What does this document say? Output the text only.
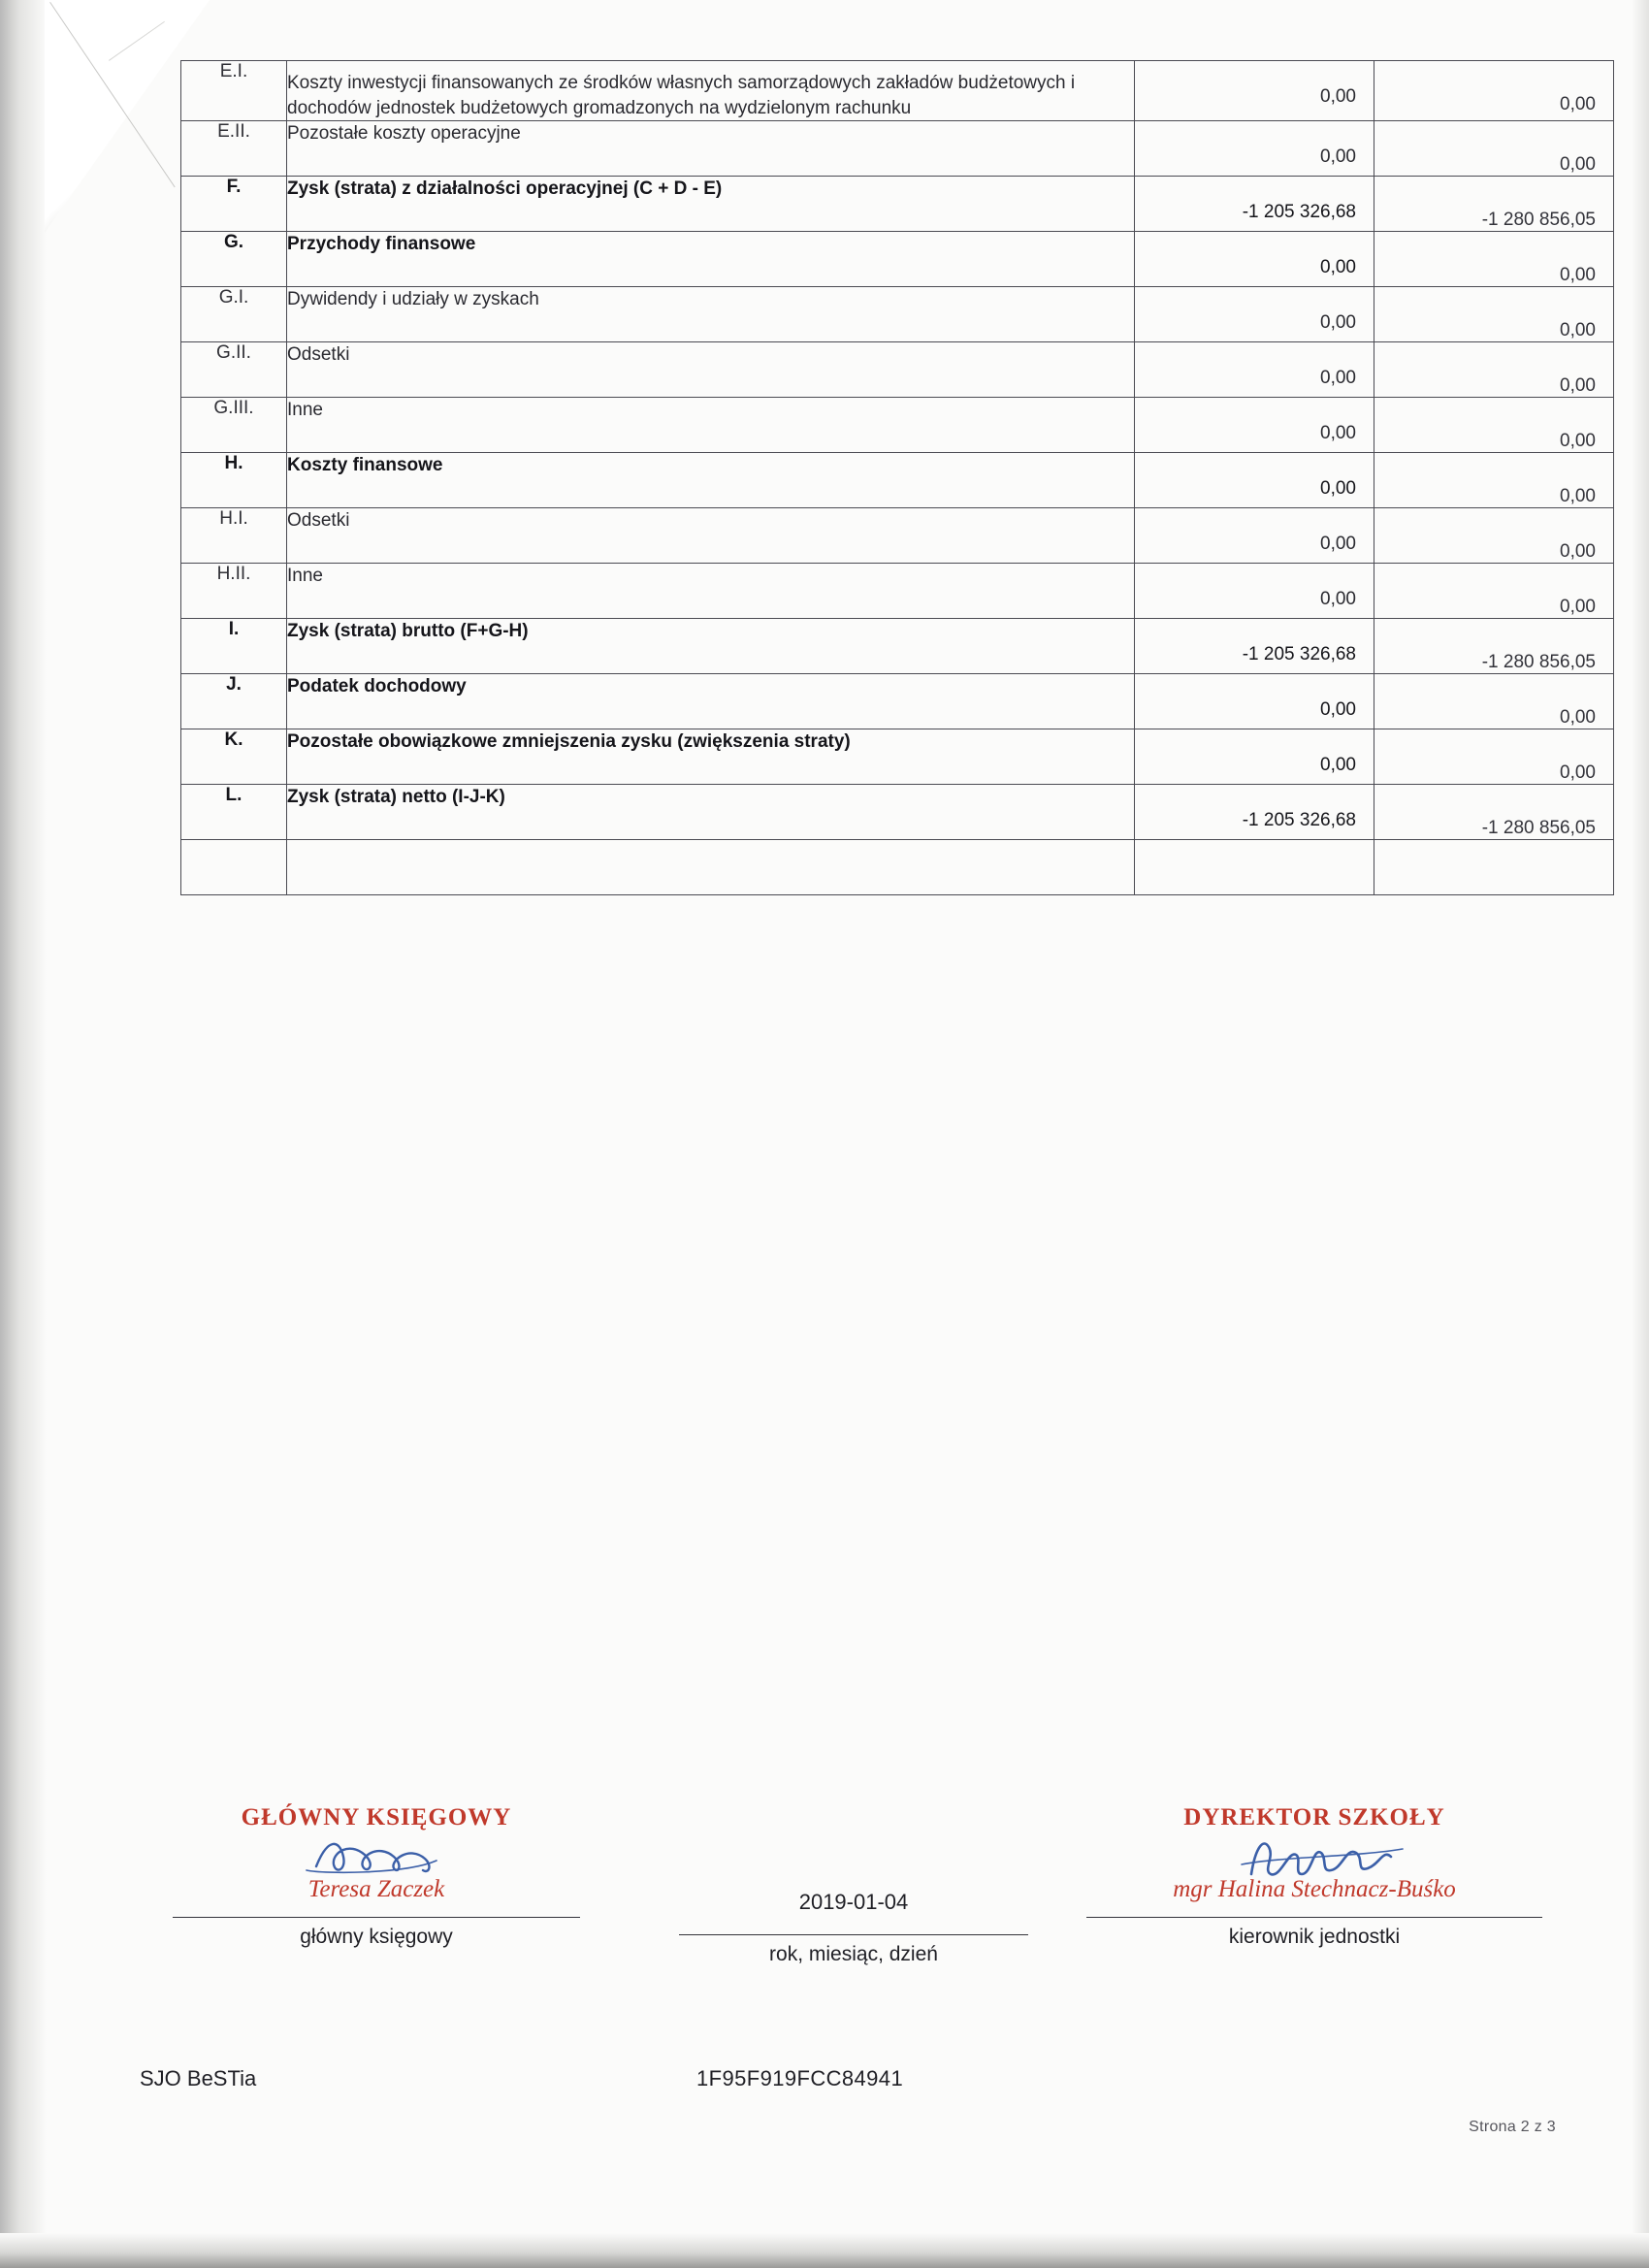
E.I.	Koszty inwestycji finansowanych ze środków własnych samorządowych zakładów budżetowych i dochodów jednostek budżetowych gromadzonych na wydzielonym rachunku	0,00	0,00

E.II.	Pozostałe koszty operacyjne	0,00	0,00

F.	Zysk (strata) z działalności operacyjnej (C + D - E)	-1 205 326,68	-1 280 856,05

G.	Przychody finansowe	0,00	0,00

G.I.	Dywidendy i udziały w zyskach	0,00	0,00

G.II.	Odsetki	0,00	0,00

G.III.	Inne	0,00	0,00

H.	Koszty finansowe	0,00	0,00

H.I.	Odsetki	0,00	0,00

H.II.	Inne	0,00	0,00

I.	Zysk (strata) brutto (F+G-H)	-1 205 326,68	-1 280 856,05

J.	Podatek dochodowy	0,00	0,00

K.	Pozostałe obowiązkowe zmniejszenia zysku (zwiększenia straty)	0,00	0,00

L.	Zysk (strata) netto (I-J-K)	-1 205 326,68	-1 280 856,05

GŁÓWNY KSIĘGOWY
Teresa Zaczek
główny księgowy
2019-01-04
rok, miesiąc, dzień
DYREKTOR SZKOŁY
mgr Halina Stechnacz-Buśko
kierownik jednostki
SJO BeSTia	1F95F919FCC84941
Strona 2 z 3
